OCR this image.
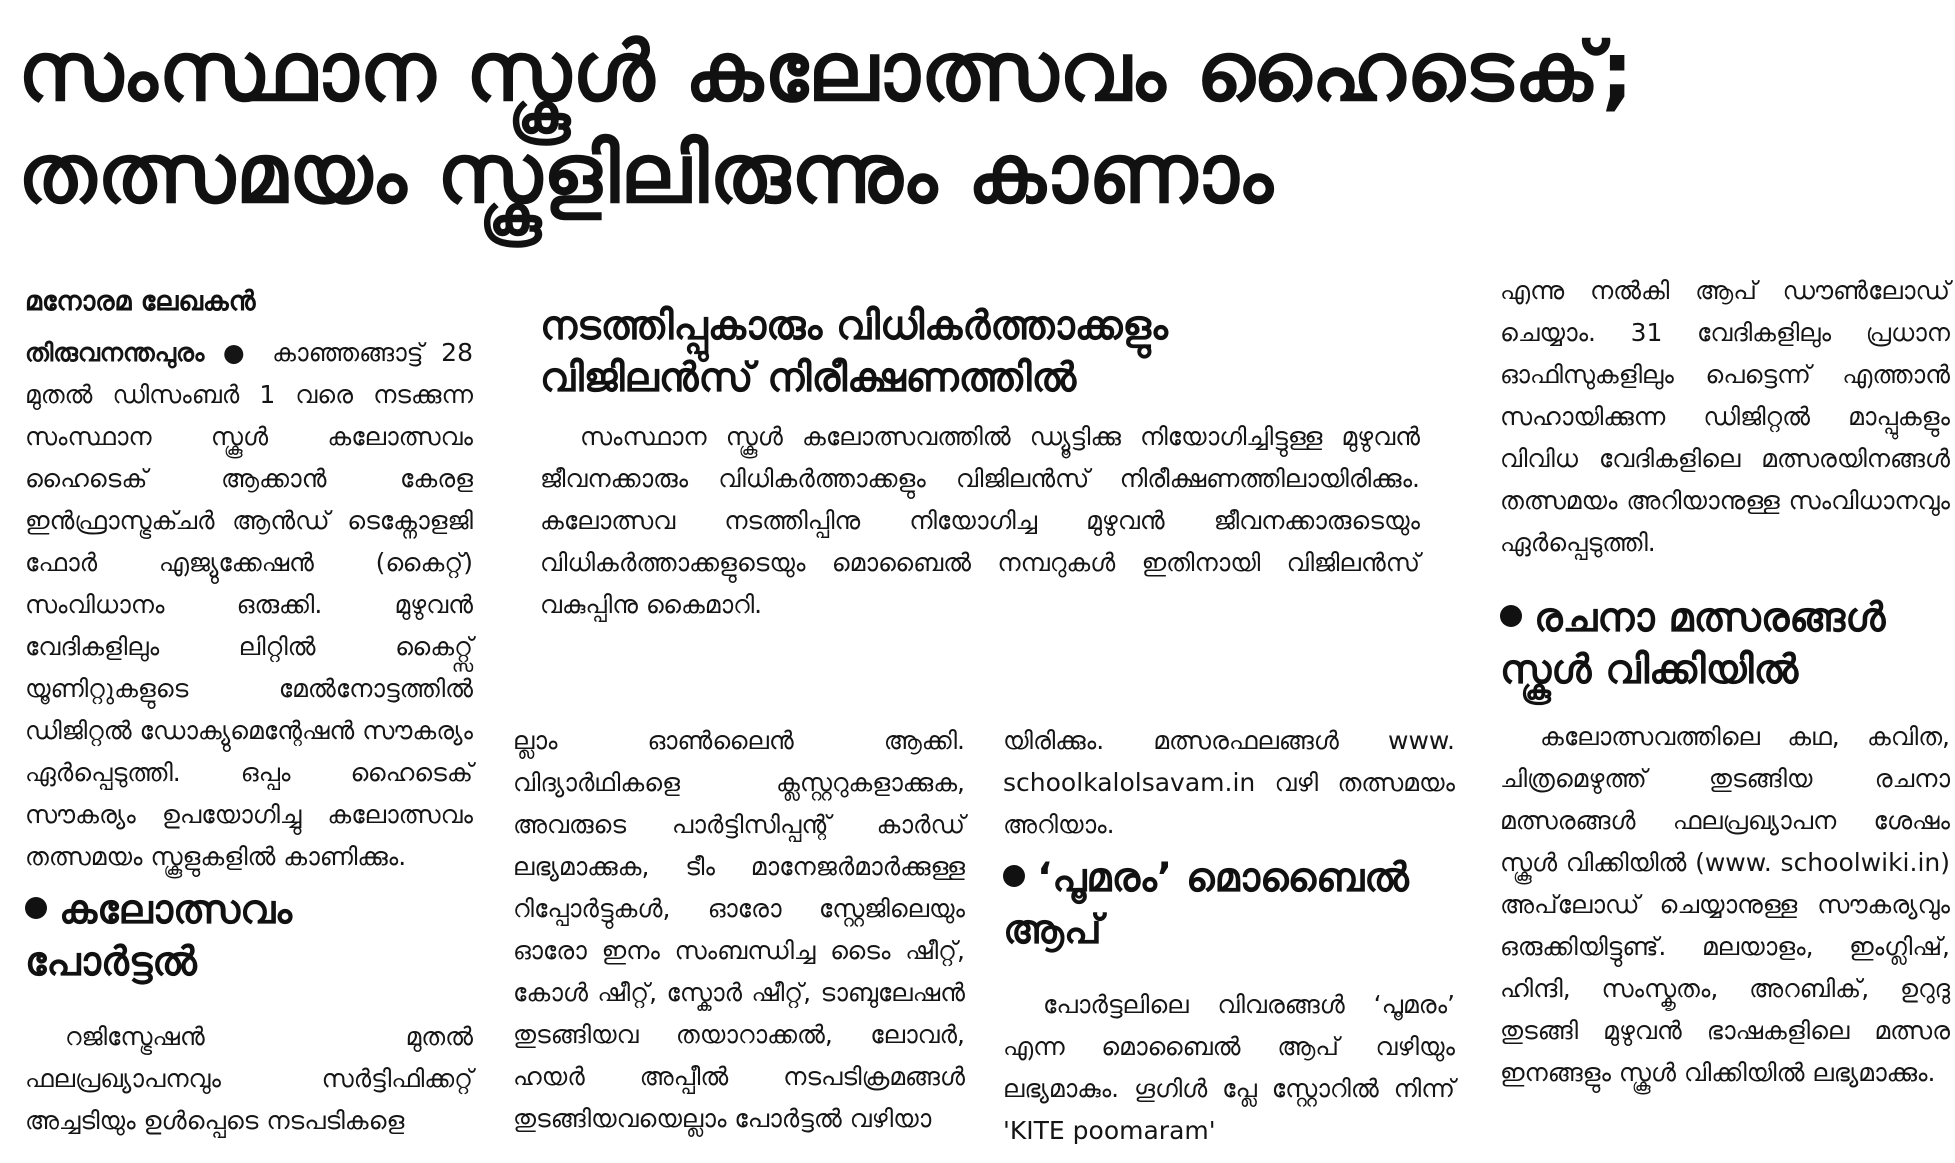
സംസ്ഥാന സ്കൂൾ കലോത്സവം ഹൈടെക്;
തത്സമയം സ്കൂളിലിരുന്നും കാണാം
മനോരമ ലേഖകൻ

തിരുവനന്തപുരം ● കാഞ്ഞങ്ങാട്ട് 28 മുതൽ ഡിസംബർ 1 വരെ നടക്കുന്ന സംസ്ഥാന സ്കൂൾ കലോത്സവം ഹൈടെക് ആക്കാൻ കേരള ഇൻഫ്രാസ്ട്രക്ചർ ആൻഡ് ടെക്നോളജി ഫോർ എജ്യുക്കേഷൻ (കൈറ്റ്) സംവിധാനം ഒരുക്കി. മുഴുവൻ വേദികളിലും ലിറ്റിൽ കൈറ്റ്സ് യൂണിറ്റുകളുടെ മേൽനോട്ടത്തിൽ ഡിജിറ്റൽ ഡോക്യുമെന്റേഷൻ സൗകര്യം ഏർപ്പെടുത്തി. ഒപ്പം ഹൈടെക് സൗകര്യം ഉപയോഗിച്ചു കലോത്സവം തത്സമയം സ്കൂളുകളിൽ കാണിക്കും.

കലോത്സവം പോർട്ടൽ
റജിസ്ട്രേഷൻ മുതൽ ഫലപ്രഖ്യാപനവും സർട്ടിഫിക്കറ്റ് അച്ചടിയും ഉൾപ്പെടെ നടപടികളെ
നടത്തിപ്പുകാരും വിധികർത്താക്കളും വിജിലൻസ് നിരീക്ഷണത്തിൽ
സംസ്ഥാന സ്കൂൾ കലോത്സവത്തിൽ ഡ്യൂട്ടിക്കു നിയോഗിച്ചിട്ടുള്ള മുഴുവൻ ജീവനക്കാരും വിധികർത്താക്കളും വിജിലൻസ് നിരീക്ഷണത്തിലായിരിക്കും. കലോത്സവ നടത്തിപ്പിനു നിയോഗിച്ച മുഴുവൻ ജീവനക്കാരുടെയും വിധികർത്താക്കളുടെയും മൊബൈൽ നമ്പറുകൾ ഇതിനായി വിജിലൻസ് വകുപ്പിനു കൈമാറി.
ല്ലാം ഓൺലൈൻ ആക്കി. വിദ്യാർഥികളെ ക്ലസ്റ്ററുകളാക്കുക, അവരുടെ പാർട്ടിസിപ്പന്റ് കാർഡ് ലഭ്യമാക്കുക, ടീം മാനേജർമാർക്കുള്ള റിപ്പോർട്ടുകൾ, ഓരോ സ്റ്റേജിലെയും ഓരോ ഇനം സംബന്ധിച്ച ടൈം ഷീറ്റ്, കോൾ ഷീറ്റ്, സ്കോർ ഷീറ്റ്, ടാബുലേഷൻ തുടങ്ങിയവ തയാറാക്കൽ, ലോവർ, ഹയർ അപ്പീൽ നടപടിക്രമങ്ങൾ തുടങ്ങിയവയെല്ലാം പോർട്ടൽ വഴിയാ
യിരിക്കും. മത്സരഫലങ്ങൾ www. schoolkalolsavam.in വഴി തത്സമയം അറിയാം.
‘പൂമരം’ മൊബൈൽ ആപ്
പോർട്ടലിലെ വിവരങ്ങൾ ‘പൂമരം’ എന്ന മൊബൈൽ ആപ് വഴിയും ലഭ്യമാകും. ഗൂഗിൾ പ്ലേ സ്റ്റോറിൽ നിന്ന് 'KITE poomaram'
എന്നു നൽകി ആപ് ഡൗൺലോഡ് ചെയ്യാം. 31 വേദികളിലും പ്രധാന ഓഫിസുകളിലും പെട്ടെന്ന് എത്താൻ സഹായിക്കുന്ന ഡിജിറ്റൽ മാപ്പുകളും വിവിധ വേദികളിലെ മത്സരയിനങ്ങൾ തത്സമയം അറിയാനുള്ള സംവിധാനവും ഏർപ്പെടുത്തി.
രചനാ മത്സരങ്ങൾ സ്കൂൾ വിക്കിയിൽ
കലോത്സവത്തിലെ കഥ, കവിത, ചിത്രമെഴുത്ത് തുടങ്ങിയ രചനാ മത്സരങ്ങൾ ഫലപ്രഖ്യാപന ശേഷം സ്കൂൾ വിക്കിയിൽ (www. schoolwiki.in) അപ്‌ലോഡ് ചെയ്യാനുള്ള സൗകര്യവും ഒരുക്കിയിട്ടുണ്ട്. മലയാളം, ഇംഗ്ലിഷ്, ഹിന്ദി, സംസ്കൃതം, അറബിക്, ഉറുദു തുടങ്ങി മുഴുവൻ ഭാഷകളിലെ മത്സര ഇനങ്ങളും സ്കൂൾ വിക്കിയിൽ ലഭ്യമാക്കും.
